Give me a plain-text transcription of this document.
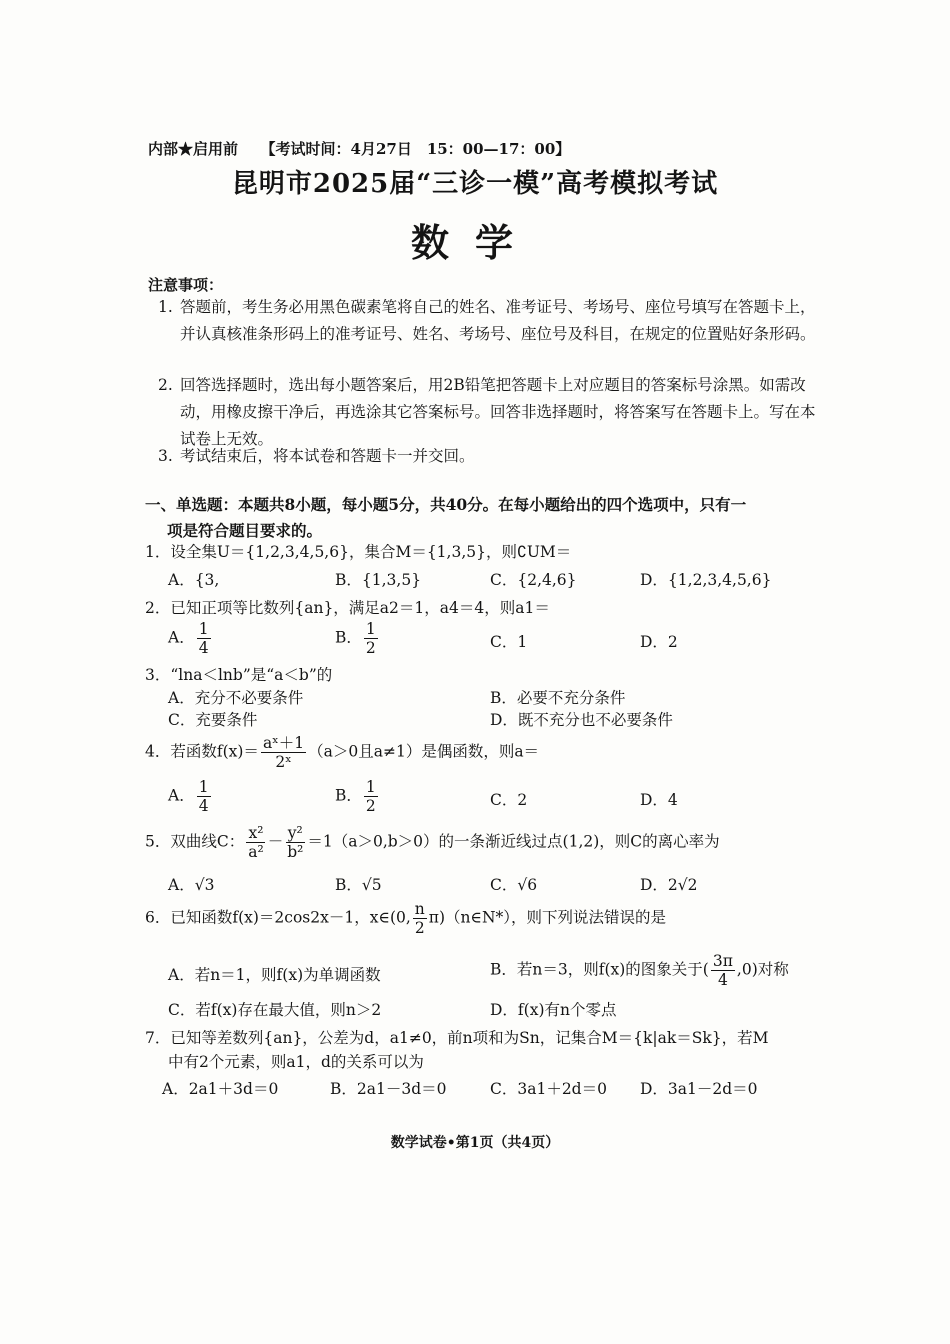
内部★启用前　　【考试时间：4月27日　15：00—17：00】
昆明市2025届“三诊一模”高考模拟考试
数学
注意事项：
1. 答题前，考生务必用黑色碳素笔将自己的姓名、准考证号、考场号、座位号填写在答题卡上，并认真核准条形码上的准考证号、姓名、考场号、座位号及科目，在规定的位置贴好条形码。
2. 回答选择题时，选出每小题答案后，用2B铅笔把答题卡上对应题目的答案标号涂黑。如需改动，用橡皮擦干净后，再选涂其它答案标号。回答非选择题时，将答案写在答题卡上。写在本试卷上无效。
3. 考试结束后，将本试卷和答题卡一并交回。
一、单选题：本题共8小题，每小题5分，共40分。在每小题给出的四个选项中，只有一
项是符合题目要求的。
1．设全集U＝{1,2,3,4,5,6}，集合M＝{1,3,5}，则∁UM＝
A．{3,	B．{1,3,5}	C．{2,4,6}	D．{1,2,3,4,5,6}
2．已知正项等比数列{an}，满足a2＝1，a4＝4，则a1＝
A． $\frac{1}{4}$	B． $\frac{1}{2}$	C．1	D．2
3．“lna＜lnb”是“a＜b”的
A．充分不必要条件	B．必要不充分条件
C．充要条件	D．既不充分也不必要条件
4．若函数$f(x)= \frac{\text{aˣ＋1}}{\text{2ˣ}} (a>0$且a≠1）是偶函数，则a＝
A． $\frac{1}{4}$	B． $\frac{1}{2}$	C．2	D．4
5．双曲线C： $\frac{\text{x²}}{\text{a²}} - \frac{\text{y²}}{\text{b²}} =1(a>0,b>0)$的一条渐近线过点(1,2)，则C的离心率为
A．√3	B．√5	C．√6	D．2√2
6．已知函数f(x)＝2cos2x－1，x∈(0, $\frac{n}{2}$ π)（n∈N*），则下列说法错误的是
A．若n＝1，则f(x)为单调函数	B．若n＝3，则f(x)的图象关于( $\frac{3\pi}{4} ,0$)对称
C．若f(x)存在最大值，则n＞2	D．f(x)有n个零点
7．已知等差数列{an}，公差为d，a1≠0，前n项和为Sn，记集合M＝{k|ak＝Sk}，若M
中有2个元素，则a1，d的关系可以为
A．2a1＋3d＝0	B．2a1－3d＝0	C．3a1＋2d＝0 D．3a1－2d＝0
数学试卷•第1页（共4页）
